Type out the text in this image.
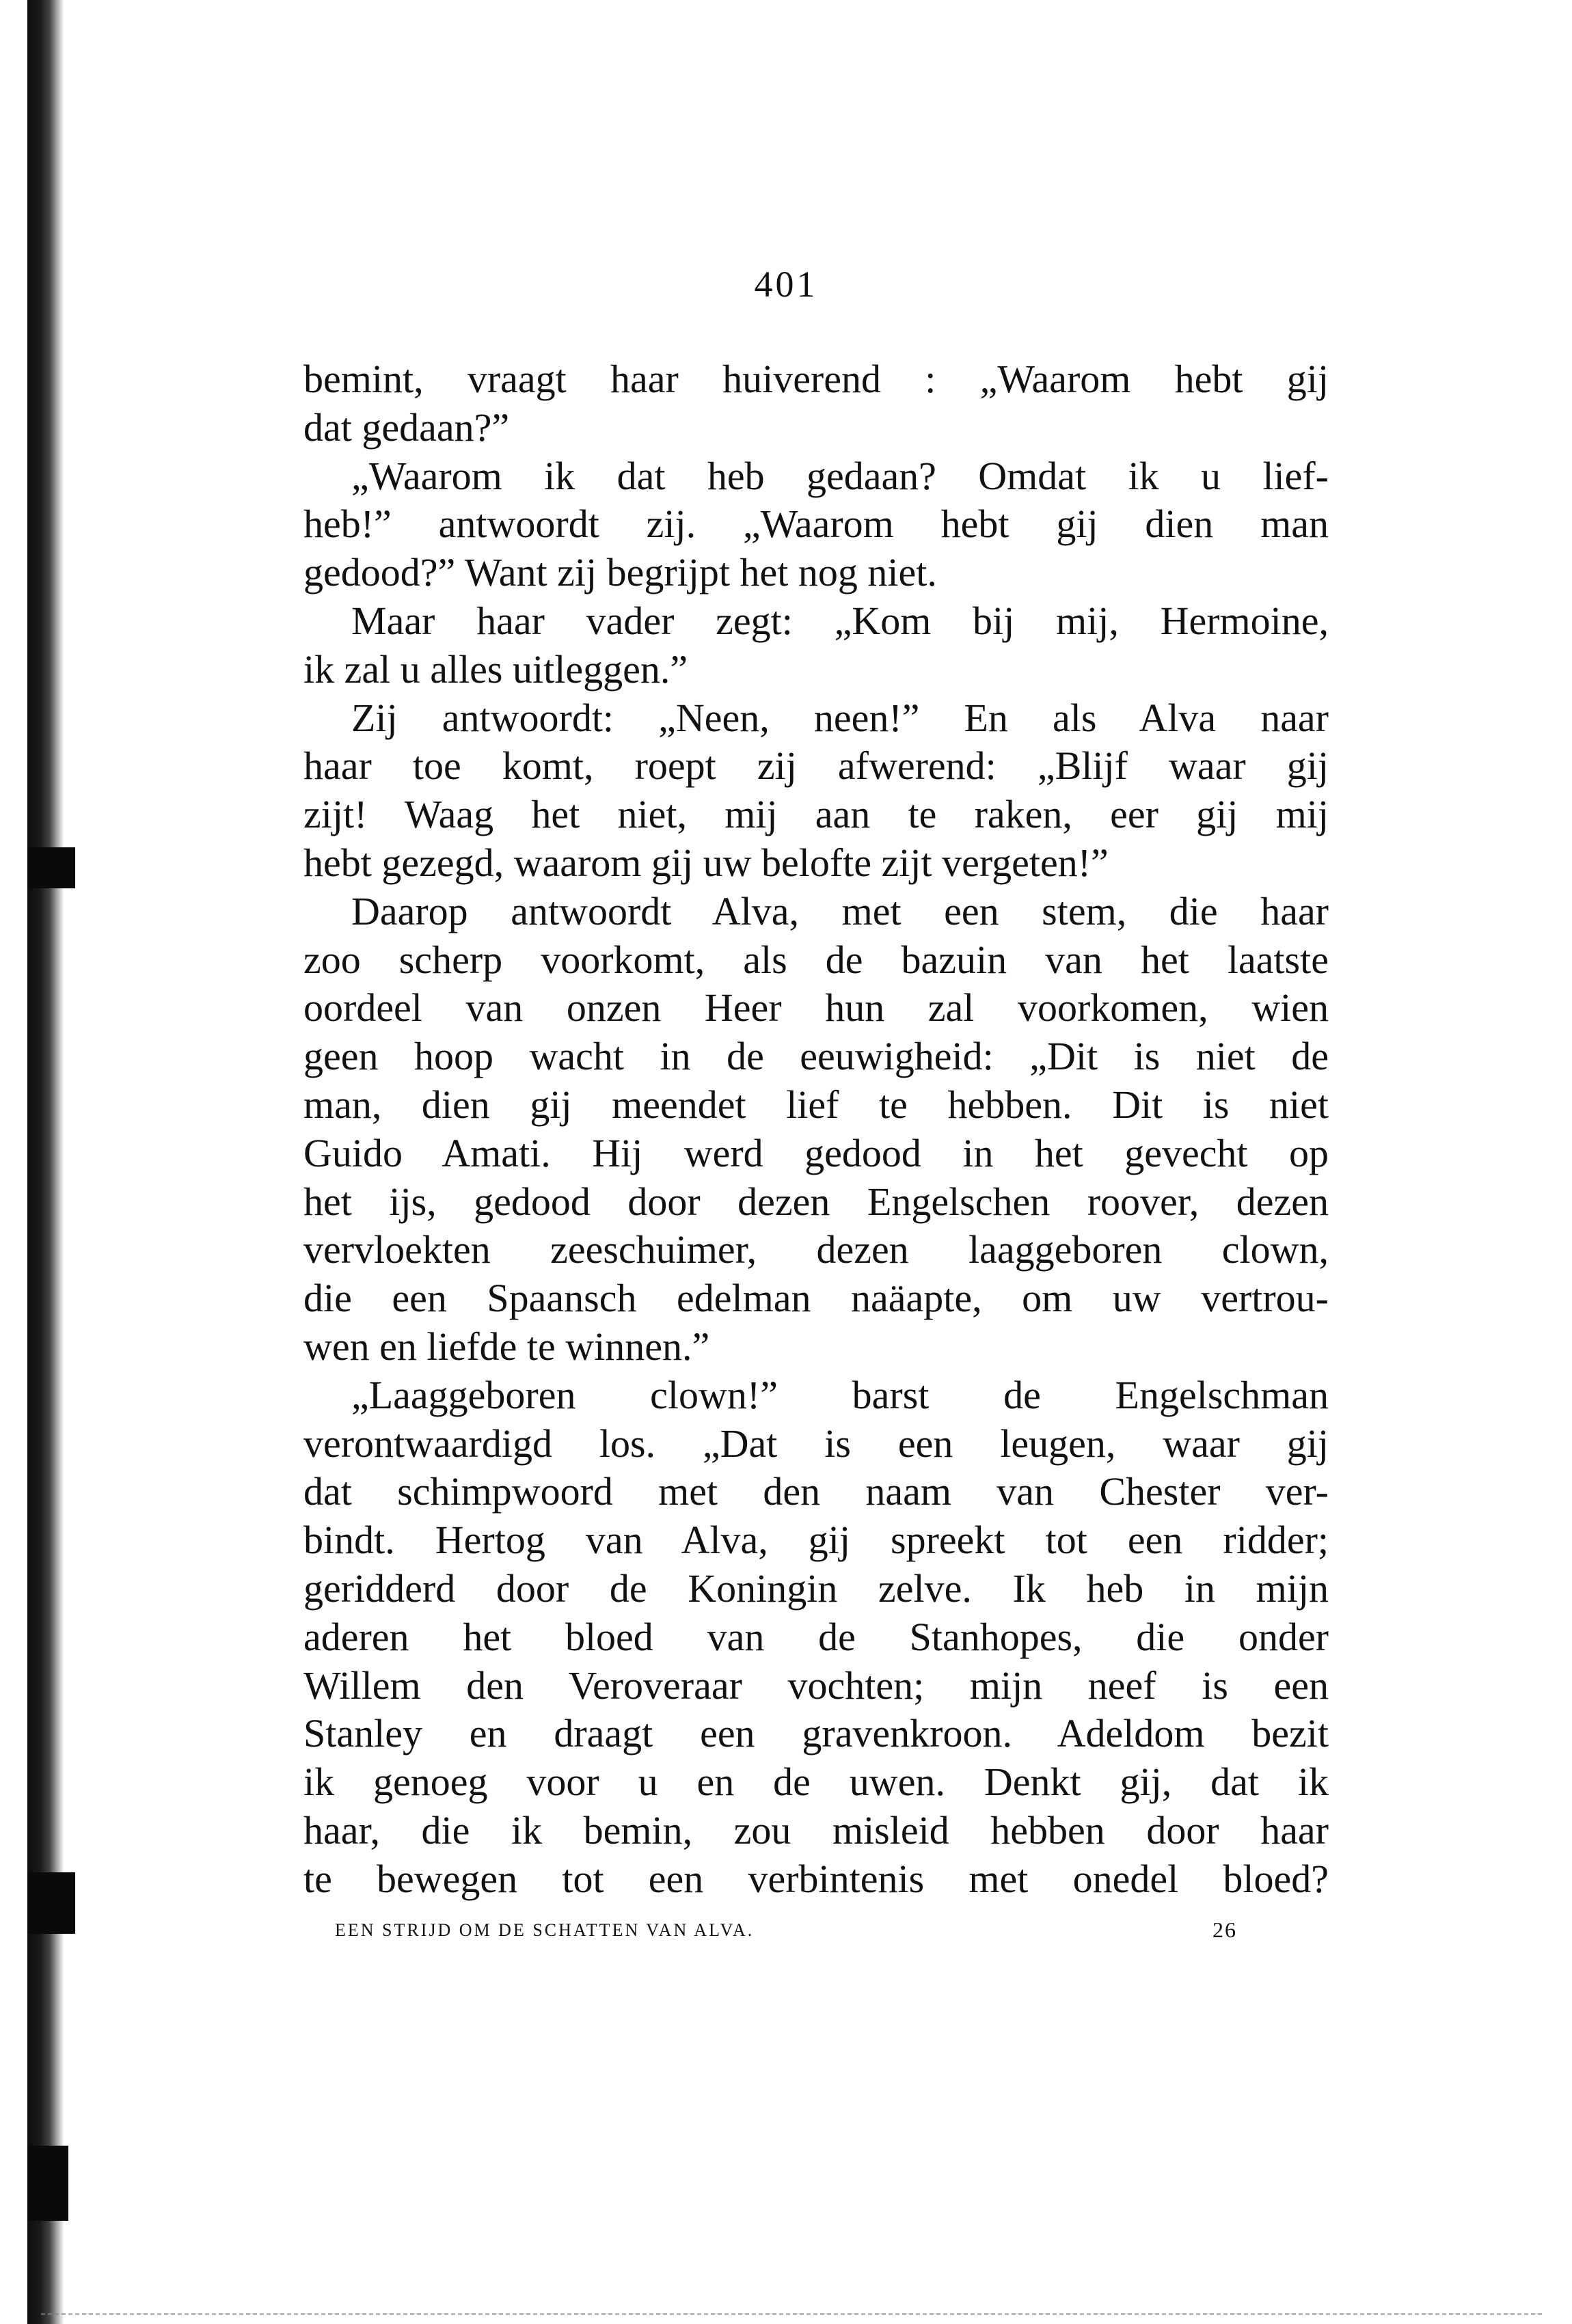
401
bemint, vraagt haar huiverend : „Waarom hebt gij
dat gedaan?”
„Waarom ik dat heb gedaan? Omdat ik u lief-
heb!” antwoordt zij. „Waarom hebt gij dien man
gedood?” Want zij begrijpt het nog niet.
Maar haar vader zegt: „Kom bij mij, Hermoine,
ik zal u alles uitleggen.”
Zij antwoordt: „Neen, neen!” En als Alva naar
haar toe komt, roept zij afwerend: „Blijf waar gij
zijt! Waag het niet, mij aan te raken, eer gij mij
hebt gezegd, waarom gij uw belofte zijt vergeten!”
Daarop antwoordt Alva, met een stem, die haar
zoo scherp voorkomt, als de bazuin van het laatste
oordeel van onzen Heer hun zal voorkomen, wien
geen hoop wacht in de eeuwigheid: „Dit is niet de
man, dien gij meendet lief te hebben. Dit is niet
Guido Amati. Hij werd gedood in het gevecht op
het ijs, gedood door dezen Engelschen roover, dezen
vervloekten zeeschuimer, dezen laaggeboren clown,
die een Spaansch edelman naäapte, om uw vertrou-
wen en liefde te winnen.”
„Laaggeboren clown!” barst de Engelschman
verontwaardigd los. „Dat is een leugen, waar gij
dat schimpwoord met den naam van Chester ver-
bindt. Hertog van Alva, gij spreekt tot een ridder;
geridderd door de Koningin zelve. Ik heb in mijn
aderen het bloed van de Stanhopes, die onder
Willem den Veroveraar vochten; mijn neef is een
Stanley en draagt een gravenkroon. Adeldom bezit
ik genoeg voor u en de uwen. Denkt gij, dat ik
haar, die ik bemin, zou misleid hebben door haar
te bewegen tot een verbintenis met onedel bloed?
EEN STRIJD OM DE SCHATTEN VAN ALVA.	26
